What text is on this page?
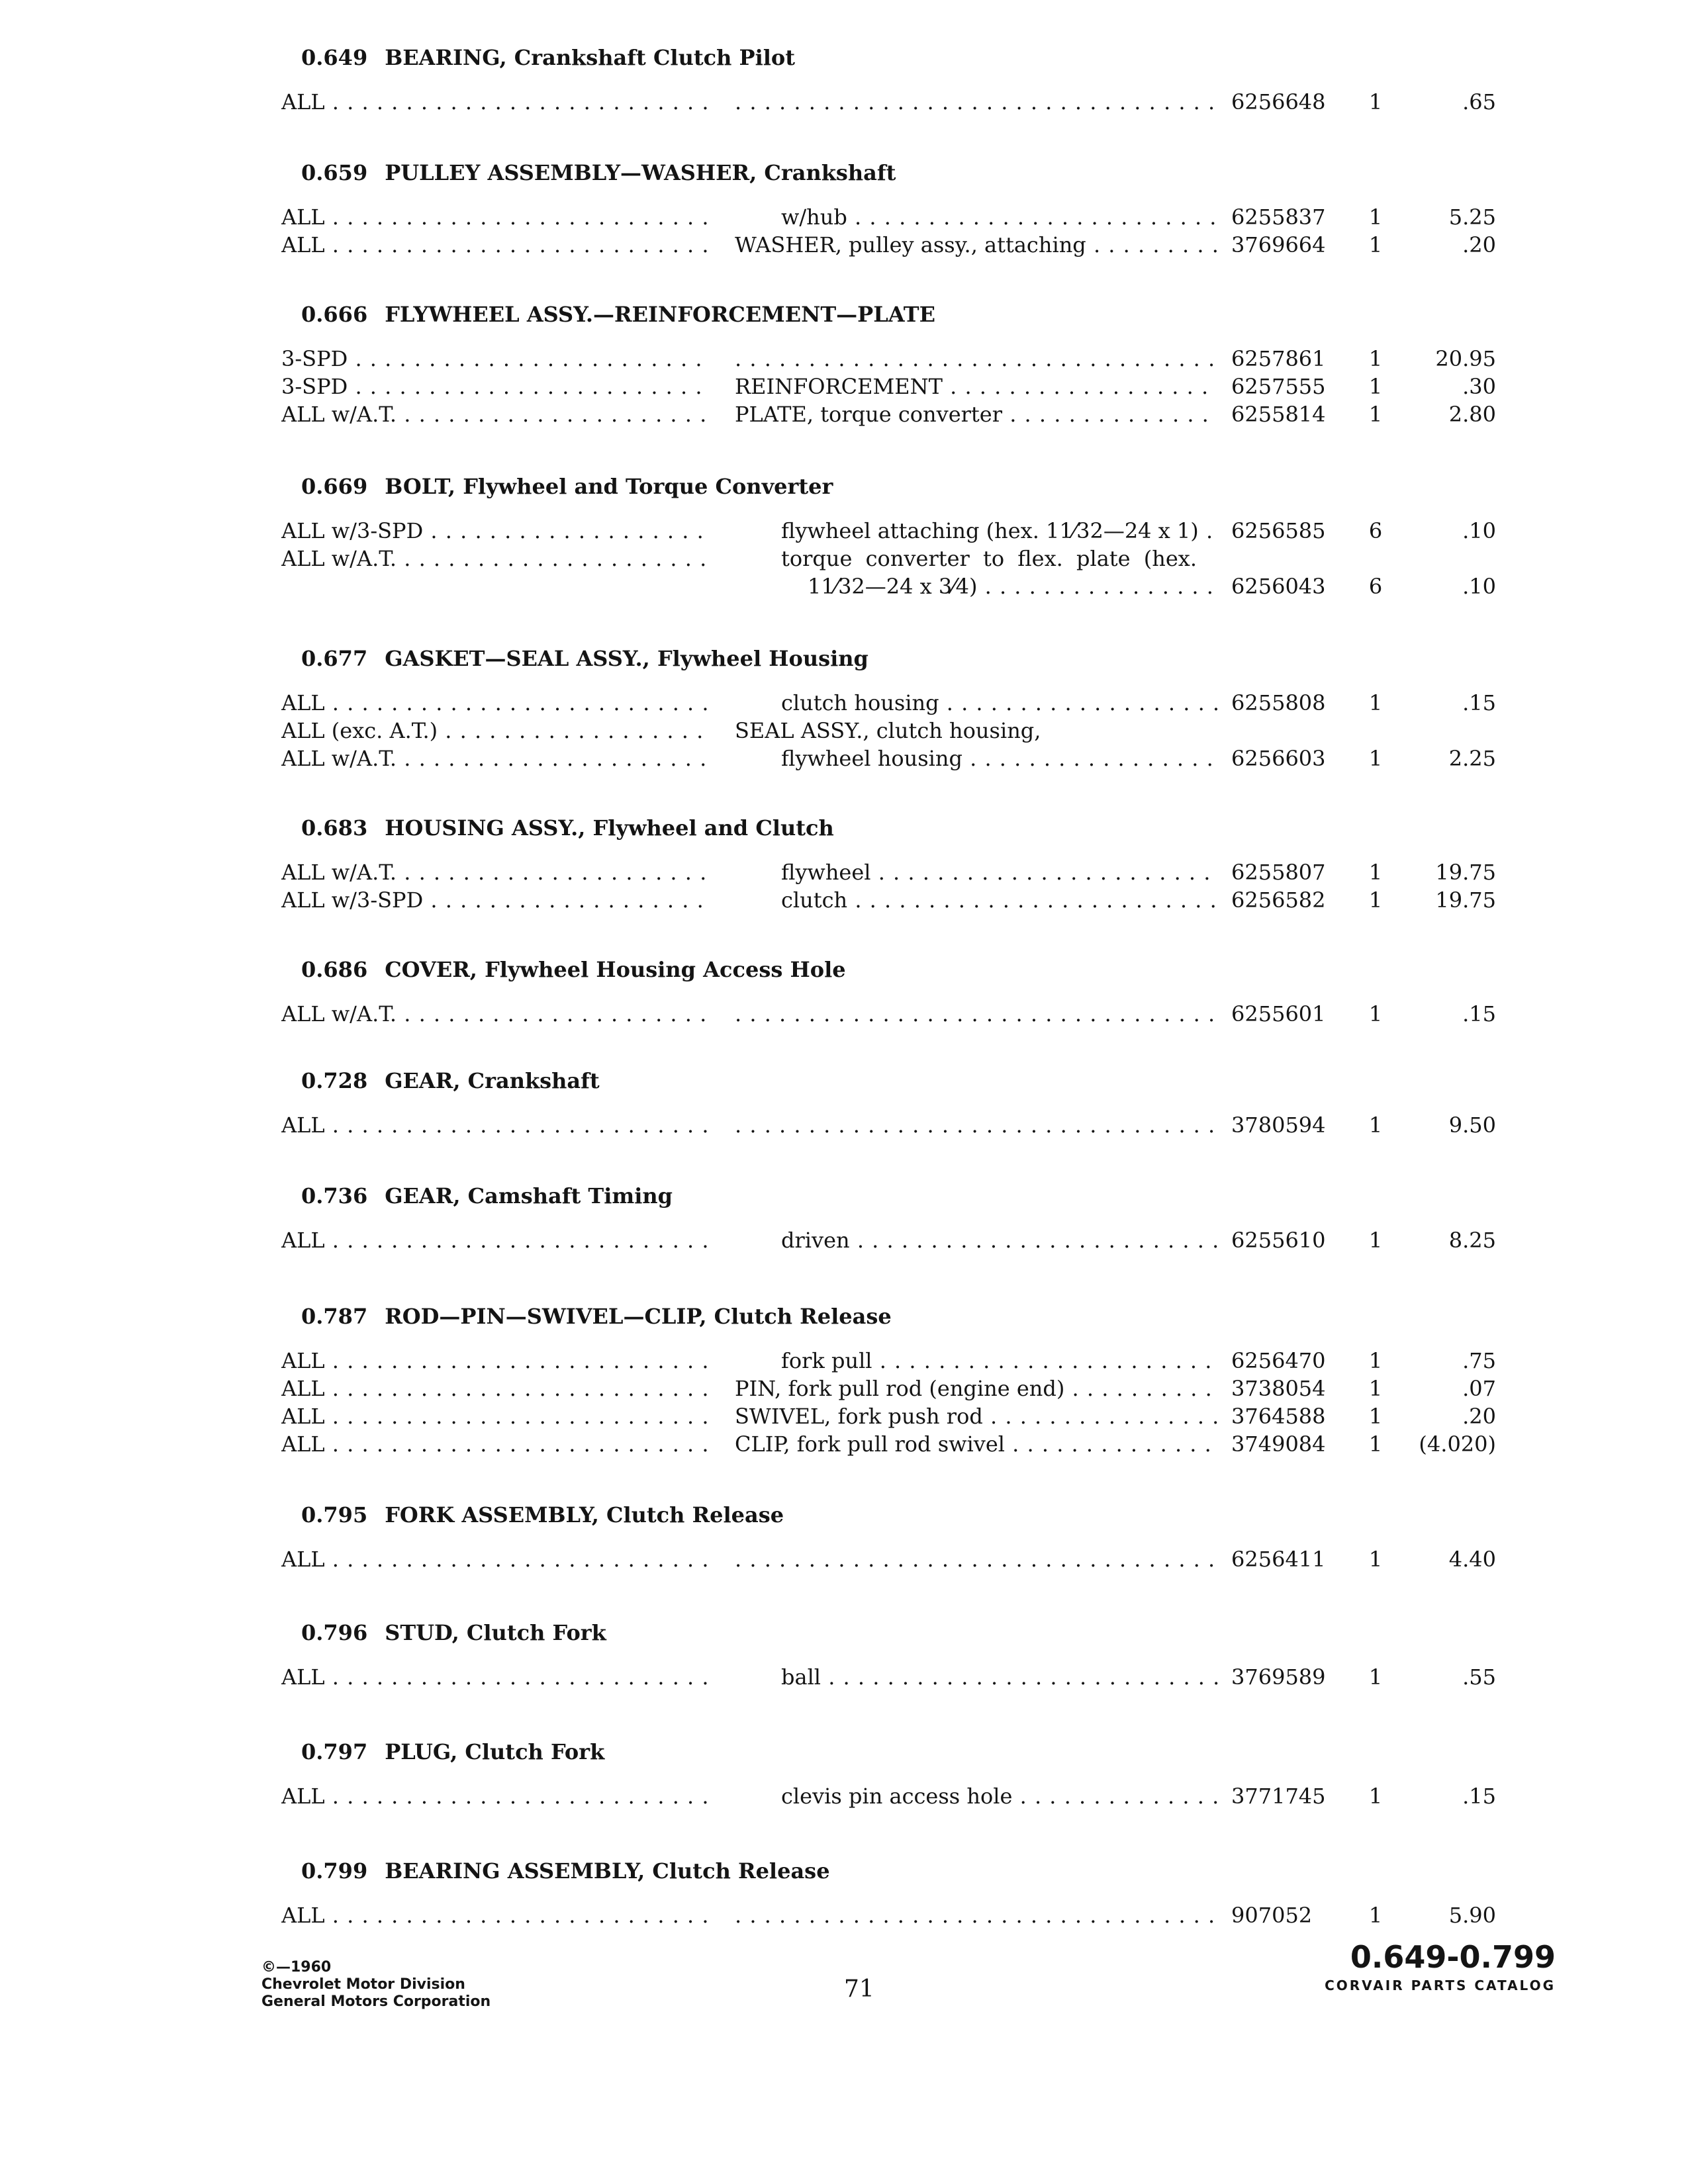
0.649 BEARING, Crankshaft Clutch Pilot
ALL . . . . . .	6256648	1	.65
0.659 PULLEY ASSEMBLY—WASHER, Crankshaft
ALL . . .	w/hub . . .	6255837	1	5.25
ALL . . .	WASHER, pulley assy., attaching . . .	3769664	1	.20
0.666 FLYWHEEL ASSY.—REINFORCEMENT—PLATE
3-SPD . . . . . .	6257861	1	20.95
3-SPD . . .	REINFORCEMENT . . .	6257555	1	.30
ALL w/A.T. . . .	PLATE, torque converter . . .	6255814	1	2.80
0.669 BOLT, Flywheel and Torque Converter
ALL w/3-SPD . . .	flywheel attaching (hex. 11⁄32—24 x 1) . . .	6256585	6	.10
ALL w/A.T. . . .	torque converter to flex. plate (hex.
11⁄32—24 x 3⁄4) . . .	6256043	6	.10
0.677 GASKET—SEAL ASSY., Flywheel Housing
ALL . . .	clutch housing . . .	6255808	1	.15
ALL (exc. A.T.) . . .	SEAL ASSY., clutch housing,
ALL w/A.T. . . .	flywheel housing . . .	6256603	1	2.25
0.683 HOUSING ASSY., Flywheel and Clutch
ALL w/A.T. . . .	flywheel . . .	6255807	1	19.75
ALL w/3-SPD . . .	clutch . . .	6256582	1	19.75
0.686 COVER, Flywheel Housing Access Hole
ALL w/A.T. . . . . . .	6255601	1	.15
0.728 GEAR, Crankshaft
ALL . . . . . .	3780594	1	9.50
0.736 GEAR, Camshaft Timing
ALL . . .	driven . . .	6255610	1	8.25
0.787 ROD—PIN—SWIVEL—CLIP, Clutch Release
ALL . . .	fork pull . . .	6256470	1	.75
ALL . . .	PIN, fork pull rod (engine end) . . .	3738054	1	.07
ALL . . .	SWIVEL, fork push rod . . .	3764588	1	.20
ALL . . .	CLIP, fork pull rod swivel . . .	3749084	1	(4.020)
0.795 FORK ASSEMBLY, Clutch Release
ALL . . . . . .	6256411	1	4.40
0.796 STUD, Clutch Fork
ALL . . .	ball . . .	3769589	1	.55
0.797 PLUG, Clutch Fork
ALL . . .	clevis pin access hole . . .	3771745	1	.15
0.799 BEARING ASSEMBLY, Clutch Release
ALL . . . . . .	907052	1	5.90
©—1960
Chevrolet Motor Division
General Motors Corporation	71
0.649-0.799
CORVAIR PARTS CATALOG
